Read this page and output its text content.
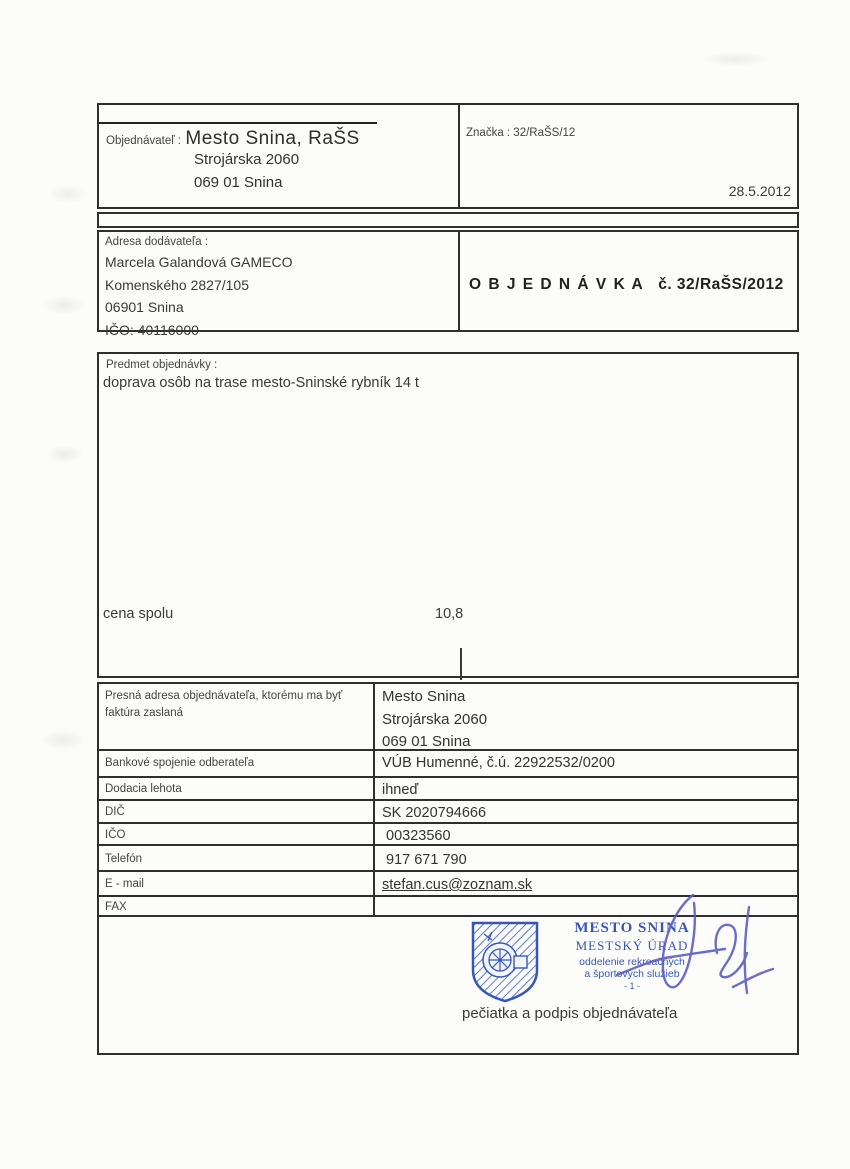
Objednávateľ : Mesto Snina, RaŠS
Strojárska 2060
069 01 Snina
Značka : 32/RaŠS/12
28.5.2012
Adresa dodávateľa :
Marcela Galandová GAMECO
Komenského 2827/105
06901 Snina
IČO: 40116000
O B J E D N Á V K A č. 32/RaŠS/2012
Predmet objednávky :
doprava osôb na trase mesto-Sninské rybník 14 t
cena spolu	10,8
Presná adresa objednávateľa, ktorému ma byť
faktúra zaslaná
Mesto Snina
Strojárska 2060
069 01 Snina
Bankové spojenie odberateľa	VÚB Humenné, č.ú. 22922532/0200
Dodacia lehota	ihneď
DIČ	SK 2020794666
IČO	00323560
Telefón	917 671 790
E - mail	stefan.cus@zoznam.sk
FAX
MESTO SNINA
MESTSKÝ ÚRAD
oddelenie rekreačných
a športových služieb
- 1 -
pečiatka a podpis objednávateľa
